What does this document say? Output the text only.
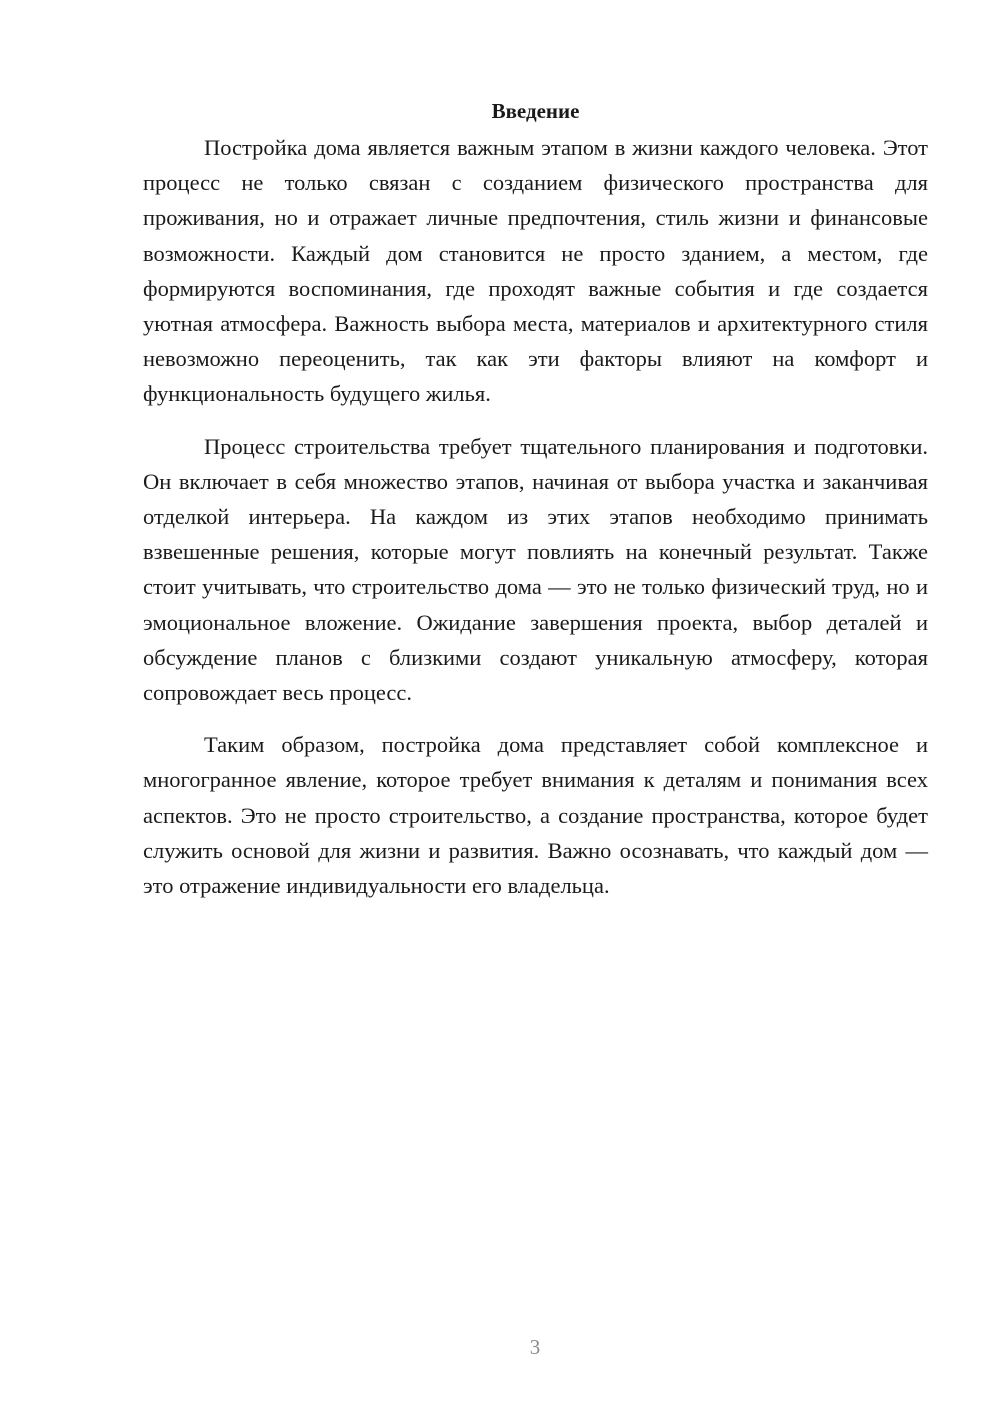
Введение

Постройка дома является важным этапом в жизни каждого человека. Этот процесс не только связан с созданием физического пространства для проживания, но и отражает личные предпочтения, стиль жизни и финансовые возможности. Каждый дом становится не просто зданием, а местом, где формируются воспоминания, где проходят важные события и где создается уютная атмосфера. Важность выбора места, материалов и архитектурного стиля невозможно переоценить, так как эти факторы влияют на комфорт и функциональность будущего жилья.

Процесс строительства требует тщательного планирования и подготовки. Он включает в себя множество этапов, начиная от выбора участка и заканчивая отделкой интерьера. На каждом из этих этапов необходимо принимать взвешенные решения, которые могут повлиять на конечный результат. Также стоит учитывать, что строительство дома — это не только физический труд, но и эмоциональное вложение. Ожидание завершения проекта, выбор деталей и обсуждение планов с близкими создают уникальную атмосферу, которая сопровождает весь процесс.

Таким образом, постройка дома представляет собой комплексное и многогранное явление, которое требует внимания к деталям и понимания всех аспектов. Это не просто строительство, а создание пространства, которое будет служить основой для жизни и развития. Важно осознавать, что каждый дом — это отражение индивидуальности его владельца.

3
